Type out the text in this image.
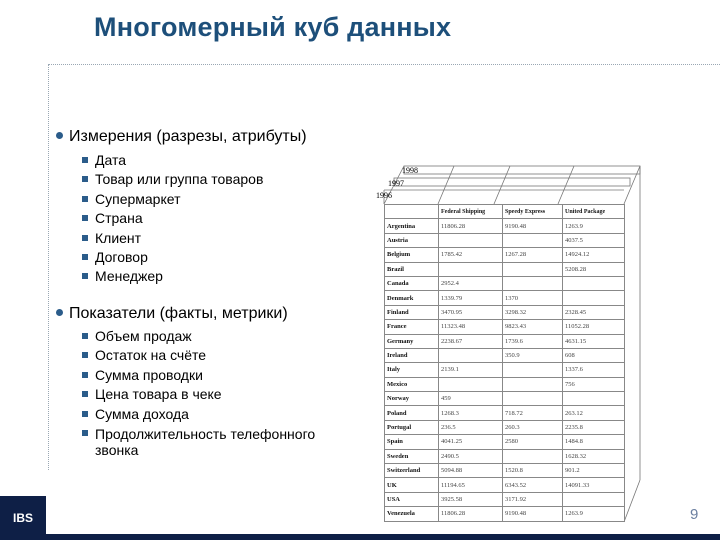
Многомерный куб данных
Измерения (разрезы, атрибуты)
Дата
Товар или группа товаров
Супермаркет
Страна
Клиент
Договор
Менеджер
Показатели (факты, метрики)
Объем продаж
Остаток на счёте
Сумма проводки
Цена товара в чеке
Сумма дохода
Продолжительность телефонного звонка
1998
1997
1996
	Federal Shipping	Speedy Express	United Package
Argentina	11806.28	9190.48	1263.9
Austria			4037.5
Belgium	1785.42	1267.28	14924.12
Brazil			5208.28
Canada	2952.4		
Denmark	1339.79	1370	
Finland	3470.95	3298.32	2328.45
France	11323.48	9823.43	11052.28
Germany	2238.67	1739.6	4631.15
Ireland		350.9	608
Italy	2139.1		1337.6
Mexico			756
Norway	459		
Poland	1268.3	718.72	263.12
Portugal	236.5	260.3	2235.8
Spain	4041.25	2580	1484.8
Sweden	2490.5		1628.32
Switzerland	5094.88	1520.8	901.2
UK	11194.65	6343.52	14091.33
USA	3925.58	3171.92	
Venezuela	11806.28	9190.48	1263.9
IBS	9
